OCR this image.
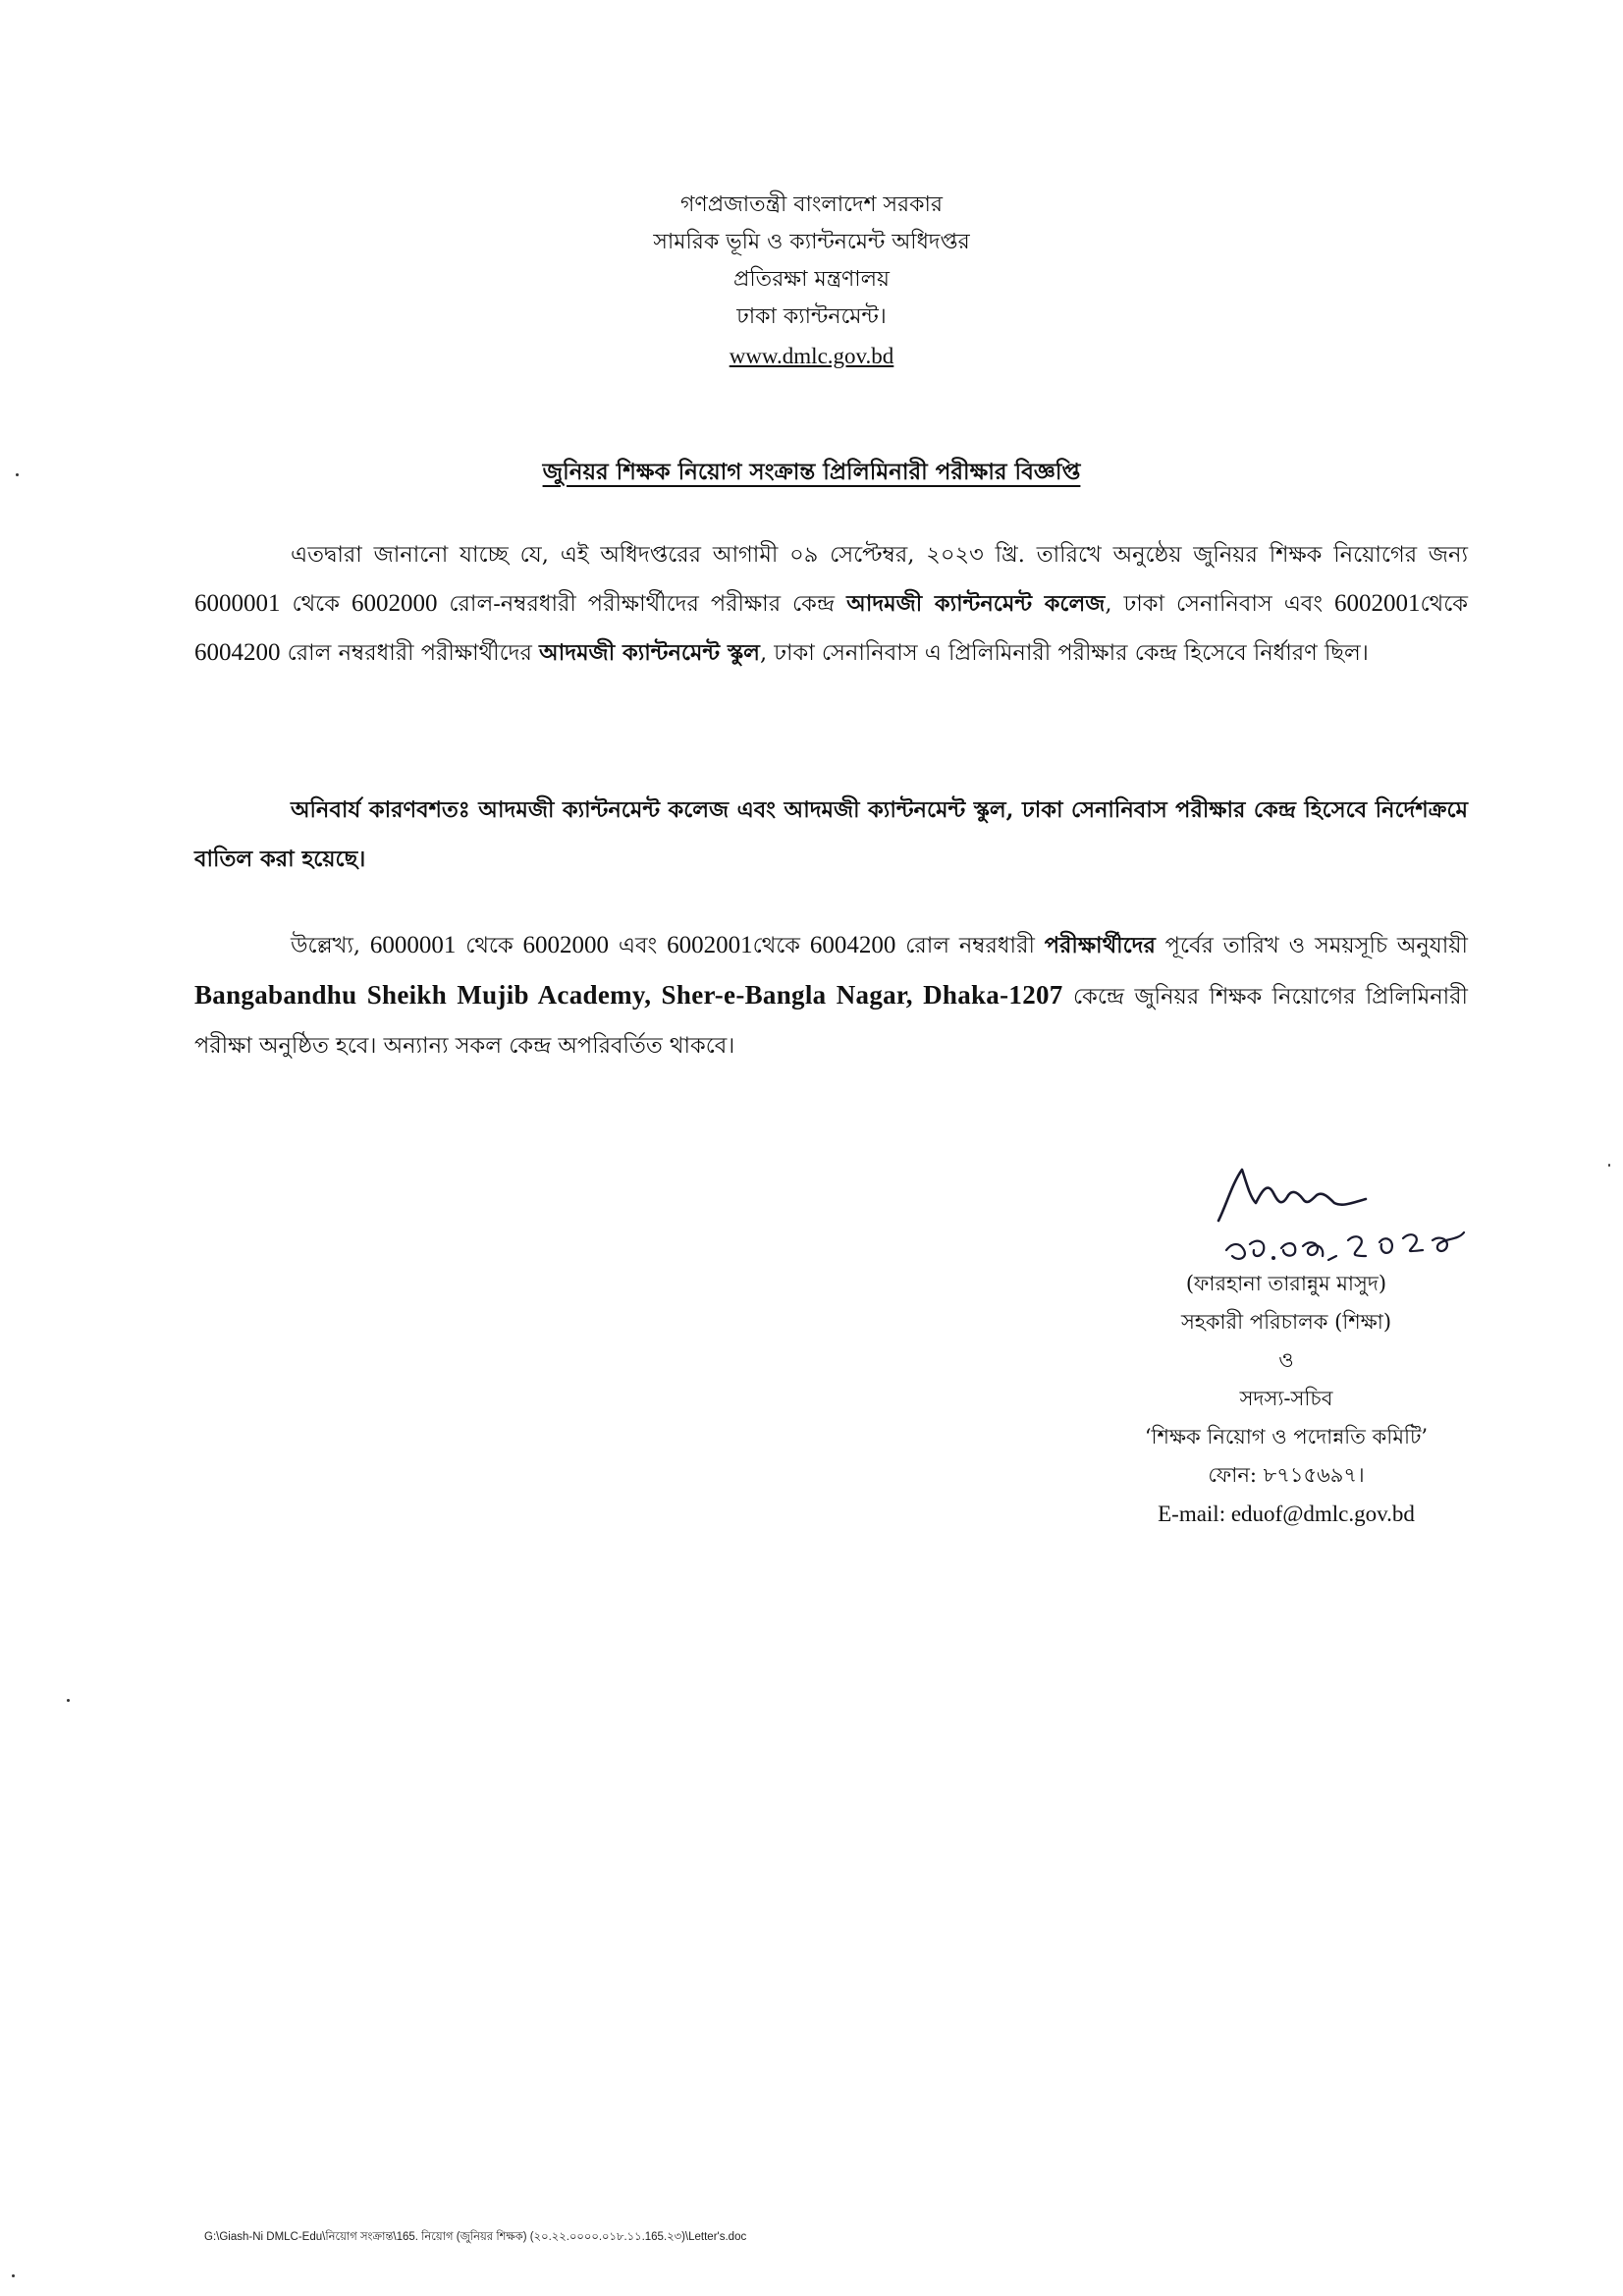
গণপ্রজাতন্ত্রী বাংলাদেশ সরকার
সামরিক ভূমি ও ক্যান্টনমেন্ট অধিদপ্তর
প্রতিরক্ষা মন্ত্রণালয়
ঢাকা ক্যান্টনমেন্ট।
www.dmlc.gov.bd
জুনিয়র শিক্ষক নিয়োগ সংক্রান্ত প্রিলিমিনারী পরীক্ষার বিজ্ঞপ্তি
এতদ্বারা জানানো যাচ্ছে যে, এই অধিদপ্তরের আগামী ০৯ সেপ্টেম্বর, ২০২৩ খ্রি. তারিখে অনুষ্ঠেয় জুনিয়র শিক্ষক নিয়োগের জন্য 6000001 থেকে 6002000 রোল-নম্বরধারী পরীক্ষার্থীদের পরীক্ষার কেন্দ্র আদমজী ক্যান্টনমেন্ট কলেজ, ঢাকা সেনানিবাস এবং 6002001থেকে 6004200 রোল নম্বরধারী পরীক্ষার্থীদের আদমজী ক্যান্টনমেন্ট স্কুল, ঢাকা সেনানিবাস এ প্রিলিমিনারী পরীক্ষার কেন্দ্র হিসেবে নির্ধারণ ছিল।
অনিবার্য কারণবশতঃ আদমজী ক্যান্টনমেন্ট কলেজ এবং আদমজী ক্যান্টনমেন্ট স্কুল, ঢাকা সেনানিবাস পরীক্ষার কেন্দ্র হিসেবে নির্দেশক্রমে বাতিল করা হয়েছে।
উল্লেখ্য, 6000001 থেকে 6002000 এবং 6002001থেকে 6004200 রোল নম্বরধারী পরীক্ষার্থীদের পূর্বের তারিখ ও সময়সূচি অনুযায়ী Bangabandhu Sheikh Mujib Academy, Sher-e-Bangla Nagar, Dhaka-1207 কেন্দ্রে জুনিয়র শিক্ষক নিয়োগের প্রিলিমিনারী পরীক্ষা অনুষ্ঠিত হবে। অন্যান্য সকল কেন্দ্র অপরিবর্তিত থাকবে।
(ফারহানা তারান্নুম মাসুদ)
সহকারী পরিচালক (শিক্ষা)
ও
সদস্য-সচিব
‘শিক্ষক নিয়োগ ও পদোন্নতি কমিটি’
ফোন: ৮৭১৫৬৯৭।
E-mail: eduof@dmlc.gov.bd
G:\Giash-Ni DMLC-Edu\নিয়োগ সংক্রান্ত\165. নিয়োগ (জুনিয়র শিক্ষক) (২০.২২.০০০০.০১৮.১১.165.২৩)\Letter's.doc
